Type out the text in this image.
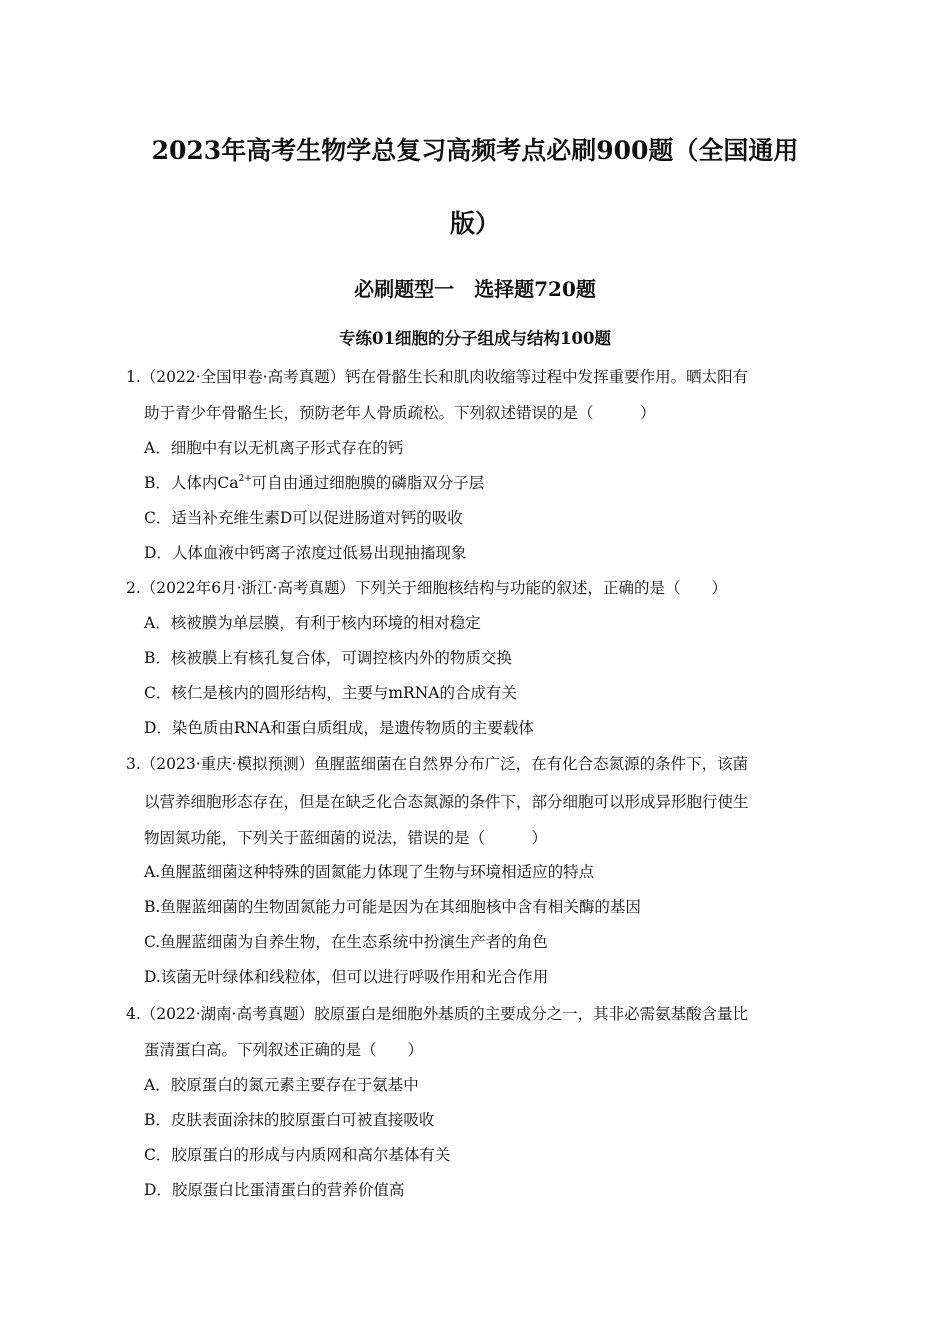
2023年高考生物学总复习高频考点必刷900题（全国通用
版）
必刷题型一　选择题720题
专练01细胞的分子组成与结构100题
1.（2022·全国甲卷·高考真题）钙在骨骼生长和肌肉收缩等过程中发挥重要作用。晒太阳有
助于青少年骨骼生长，预防老年人骨质疏松。下列叙述错误的是（　　　）
A．细胞中有以无机离子形式存在的钙
B．人体内$Ca^{2+}$可自由通过细胞膜的磷脂双分子层
C．适当补充维生素D可以促进肠道对钙的吸收
D．人体血液中钙离子浓度过低易出现抽搐现象
2.（2022年6月·浙江·高考真题）下列关于细胞核结构与功能的叙述，正确的是（　　）
A．核被膜为单层膜，有利于核内环境的相对稳定
B．核被膜上有核孔复合体，可调控核内外的物质交换
C．核仁是核内的圆形结构，主要与mRNA的合成有关
D．染色质由RNA和蛋白质组成，是遗传物质的主要载体
3.（2023·重庆·模拟预测）鱼腥蓝细菌在自然界分布广泛，在有化合态氮源的条件下，该菌
以营养细胞形态存在，但是在缺乏化合态氮源的条件下，部分细胞可以形成异形胞行使生
物固氮功能，下列关于蓝细菌的说法，错误的是（　　　）
A.鱼腥蓝细菌这种特殊的固氮能力体现了生物与环境相适应的特点
B.鱼腥蓝细菌的生物固氮能力可能是因为在其细胞核中含有相关酶的基因
C.鱼腥蓝细菌为自养生物，在生态系统中扮演生产者的角色
D.该菌无叶绿体和线粒体，但可以进行呼吸作用和光合作用
4.（2022·湖南·高考真题）胶原蛋白是细胞外基质的主要成分之一，其非必需氨基酸含量比
蛋清蛋白高。下列叙述正确的是（　　）
A．胶原蛋白的氮元素主要存在于氨基中
B．皮肤表面涂抹的胶原蛋白可被直接吸收
C．胶原蛋白的形成与内质网和高尔基体有关
D．胶原蛋白比蛋清蛋白的营养价值高
